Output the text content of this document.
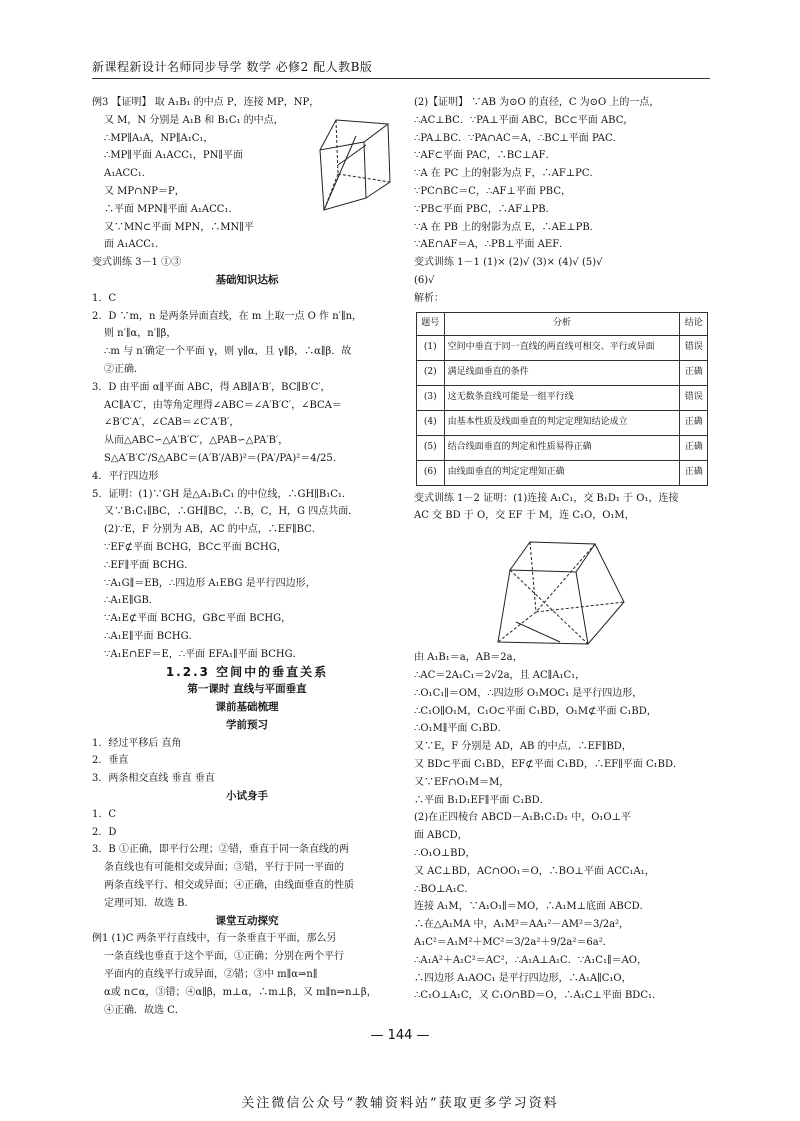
新课程新设计名师同步导学 数学 必修2 配人教B版
例3 【证明】 取 A₁B₁ 的中点 P，连接 MP，NP，
又 M，N 分别是 A₁B 和 B₁C₁ 的中点，
∴MP∥A₁A，NP∥A₁C₁，
∴MP∥平面 A₁ACC₁，PN∥平面
A₁ACC₁．
又 MP∩NP＝P，
∴平面 MPN∥平面 A₁ACC₁．
又∵MN⊂平面 MPN，∴MN∥平
面 A₁ACC₁．
变式训练 3－1 ①③
基础知识达标
1．C
2．D ∵m，n 是两条异面直线，在 m 上取一点 O 作 n′∥n，
则 n′∥α，n′∥β，
∴m 与 n′确定一个平面 γ，则 γ∥α，且 γ∥β，∴α∥β．故
②正确．
3．D 由平面 α∥平面 ABC，得 AB∥A′B′，BC∥B′C′，
AC∥A′C′，由等角定理得∠ABC＝∠A′B′C′，∠BCA＝
∠B′C′A′，∠CAB＝∠C′A′B′，
从而△ABC∽△A′B′C′，△PAB∽△PA′B′，
S△A′B′C′/S△ABC＝(A′B′/AB)²＝(PA′/PA)²＝4/25．
4．平行四边形
5．证明：(1)∵GH 是△A₁B₁C₁ 的中位线，∴GH∥B₁C₁．
又∵B₁C₁∥BC，∴GH∥BC，∴B，C，H，G 四点共面．
(2)∵E，F 分别为 AB，AC 的中点，∴EF∥BC．
∵EF⊄平面 BCHG，BC⊂平面 BCHG，
∴EF∥平面 BCHG．
∵A₁G∥＝EB，∴四边形 A₁EBG 是平行四边形，
∴A₁E∥GB．
∵A₁E⊄平面 BCHG，GB⊂平面 BCHG，
∴A₁E∥平面 BCHG．
∵A₁E∩EF＝E，∴平面 EFA₁∥平面 BCHG．
1.2.3 空间中的垂直关系
第一课时 直线与平面垂直
课前基础梳理
学前预习
1．经过平移后 直角
2．垂直
3．两条相交直线 垂直 垂直
小试身手
1．C
2．D
3．B ①正确，即平行公理；②错，垂直于同一条直线的两
条直线也有可能相交或异面；③错，平行于同一平面的
两条直线平行、相交或异面；④正确，由线面垂直的性质
定理可知．故选 B．
课堂互动探究
例1 (1)C 两条平行直线中，有一条垂直于平面，那么另
一条直线也垂直于这个平面，①正确；分别在两个平行
平面内的直线平行或异面，②错；③中 m∥α⇒n∥
α或 n⊂α，③错；④α∥β，m⊥α，∴m⊥β，又 m∥n⇒n⊥β，
④正确．故选 C．
(2)【证明】 ∵AB 为⊙O 的直径，C 为⊙O 上的一点，
∴AC⊥BC．∵PA⊥平面 ABC，BC⊂平面 ABC，
∴PA⊥BC．∵PA∩AC＝A，∴BC⊥平面 PAC．
∵AF⊂平面 PAC，∴BC⊥AF．
∵A 在 PC 上的射影为点 F，∴AF⊥PC．
∵PC∩BC＝C，∴AF⊥平面 PBC，
∵PB⊂平面 PBC，∴AF⊥PB．
∵A 在 PB 上的射影为点 E，∴AE⊥PB．
∵AE∩AF＝A，∴PB⊥平面 AEF．
变式训练 1－1 (1)× (2)√ (3)× (4)√ (5)√
(6)√
解析：
题号	分析	结论
(1)	空间中垂直于同一直线的两直线可相交、平行或异面	错误
(2)	满足线面垂直的条件	正确
(3)	这无数条直线可能是一组平行线	错误
(4)	由基本性质及线面垂直的判定定理知结论成立	正确
(5)	结合线面垂直的判定和性质易得正确	正确
(6)	由线面垂直的判定定理知正确	正确
变式训练 1－2 证明：(1)连接 A₁C₁，交 B₁D₁ 于 O₁，连接
AC 交 BD 于 O，交 EF 于 M，连 C₁O，O₁M，
由 A₁B₁＝a，AB＝2a，
∴AC＝2A₁C₁＝2√2a，且 AC∥A₁C₁，
∴O₁C₁∥＝OM，∴四边形 O₁MOC₁ 是平行四边形，
∴C₁O∥O₁M，C₁O⊂平面 C₁BD，O₁M⊄平面 C₁BD，
∴O₁M∥平面 C₁BD．
又∵E，F 分别是 AD，AB 的中点，∴EF∥BD，
又 BD⊂平面 C₁BD，EF⊄平面 C₁BD，∴EF∥平面 C₁BD．
又∵EF∩O₁M＝M，
∴平面 B₁D₁EF∥平面 C₁BD．
(2)在正四棱台 ABCD－A₁B₁C₁D₁ 中，O₁O⊥平
面 ABCD，
∴O₁O⊥BD，
又 AC⊥BD，AC∩OO₁＝O，∴BO⊥平面 ACC₁A₁，
∴BO⊥A₁C．
连接 A₁M，∵A₁O₁∥＝MO，∴A₁M⊥底面 ABCD．
∴在△A₁MA 中，A₁M²＝AA₁²－AM²＝3/2a²，
A₁C²＝A₁M²＋MC²＝3/2a²＋9/2a²＝6a²．
∴A₁A²＋A₁C²＝AC²，∴A₁A⊥A₁C．∵A₁C₁∥＝AO，
∴四边形 A₁AOC₁ 是平行四边形，∴A₁A∥C₁O，
∴C₁O⊥A₁C，又 C₁O∩BD＝O，∴A₁C⊥平面 BDC₁．
— 144 —
关注微信公众号“教辅资料站”获取更多学习资料
